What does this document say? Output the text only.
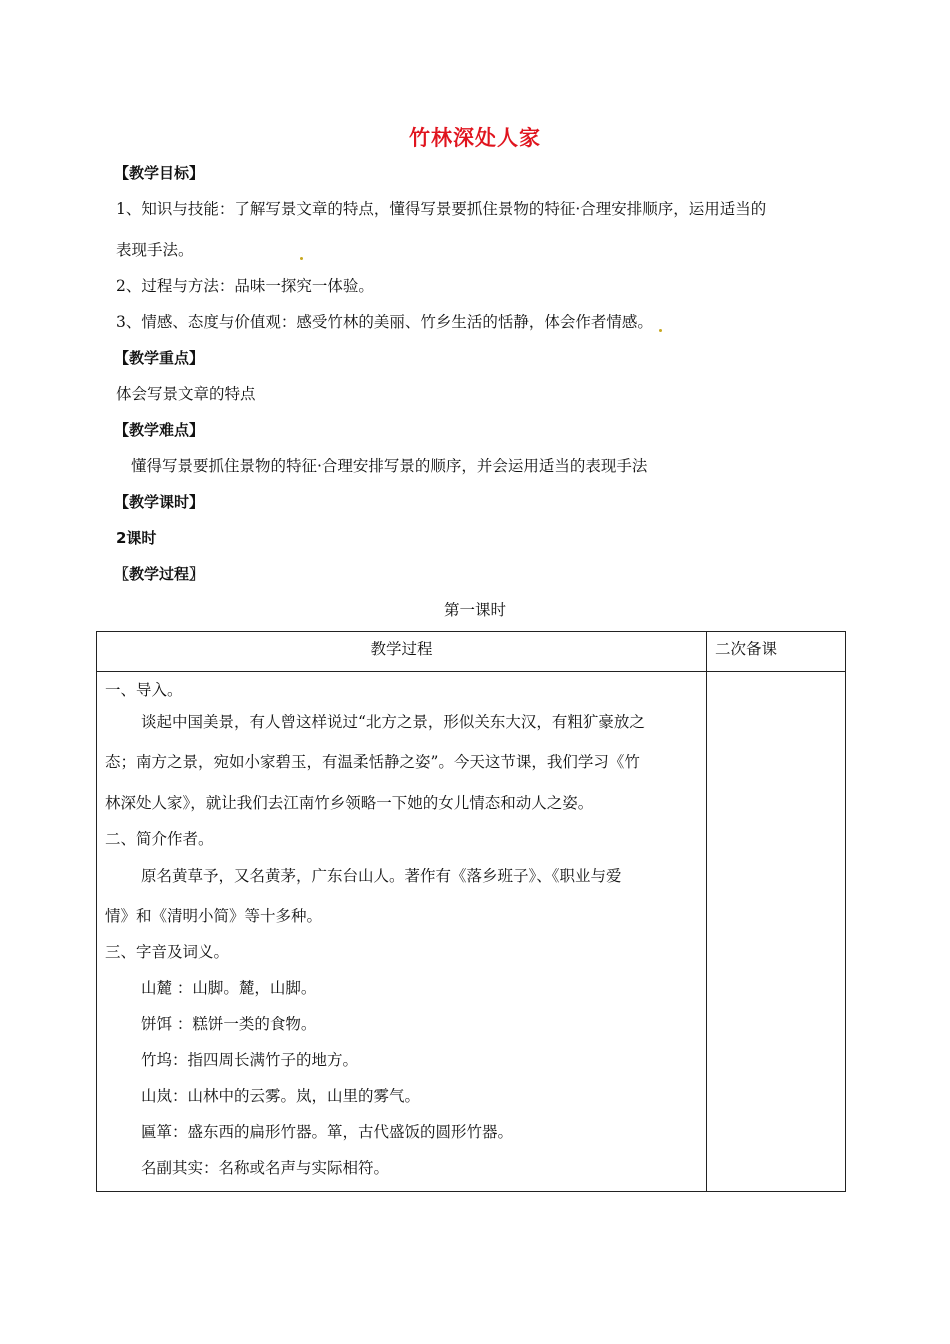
竹林深处人家
【教学目标】
1、知识与技能：了解写景文章的特点，懂得写景要抓住景物的特征·合理安排顺序，运用适当的
表现手法。
2、过程与方法：品味一探究一体验。
3、情感、态度与价值观：感受竹林的美丽、竹乡生活的恬静，体会作者情感。
【教学重点】
体会写景文章的特点
【教学难点】
懂得写景要抓住景物的特征·合理安排写景的顺序，并会运用适当的表现手法
【教学课时】
2课时
〖教学过程〗
第一课时
教学过程	二次备课
一、导入。
谈起中国美景，有人曾这样说过“北方之景，形似关东大汉，有粗犷豪放之
态；南方之景，宛如小家碧玉，有温柔恬静之姿”。今天这节课，我们学习《竹
林深处人家》，就让我们去江南竹乡领略一下她的女儿情态和动人之姿。
二、简介作者。
原名黄草予，又名黄茅，广东台山人。著作有《落乡班子》、《职业与爱
情》和《清明小简》等十多种。
三、字音及词义。
山麓 ：山脚。麓，山脚。
饼饵 ：糕饼一类的食物。
竹坞：指四周长满竹子的地方。
山岚：山林中的云雾。岚，山里的雾气。
匾箪：盛东西的扁形竹器。箪，古代盛饭的圆形竹器。
名副其实：名称或名声与实际相符。
